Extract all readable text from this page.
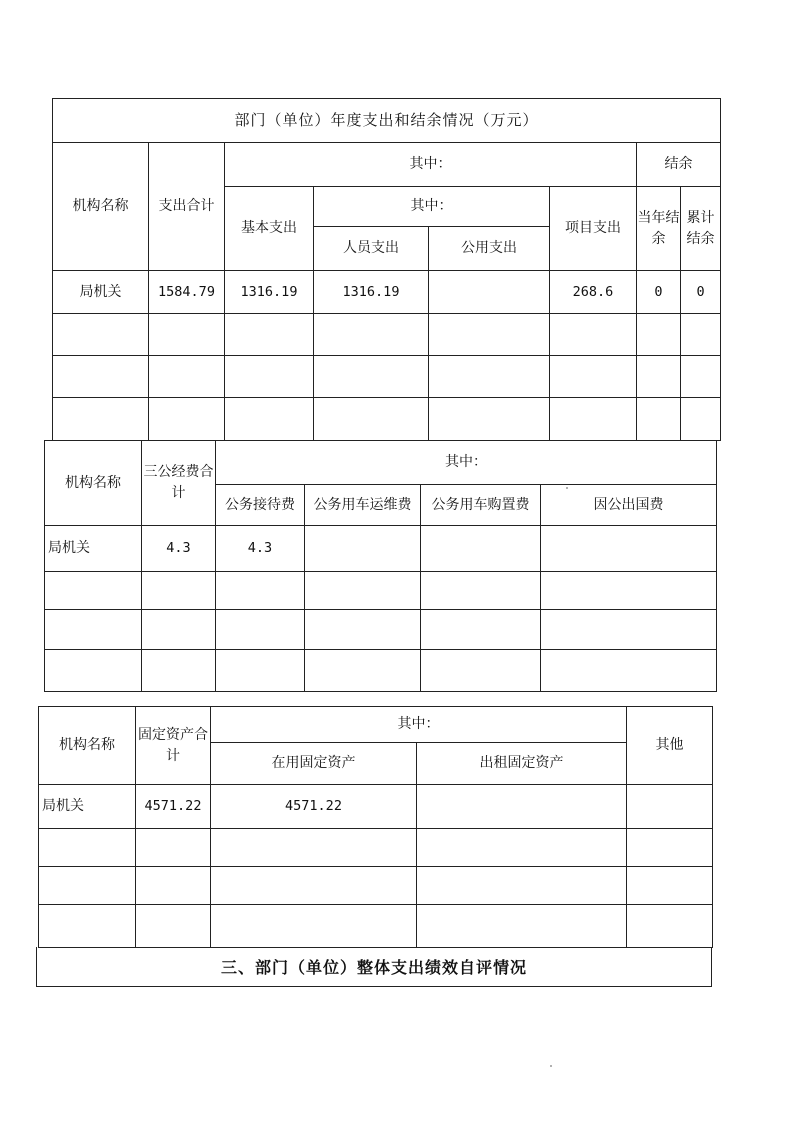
部门（单位）年度支出和结余情况（万元）							
机构名称	支出合计	其中：				结余	
		基本支出	其中：		项目支出	当年结余	累计结余
			人员支出	公用支出			
局机关	1584.79	1316.19	1316.19		268.6	0	0

机构名称	三公经费合计	其中：			
		公务接待费	公务用车运维费	公务用车购置费	因公出国费
局机关	4.3	4.3			

机构名称	固定资产合计	其中：		其他
		在用固定资产	出租固定资产	
局机关	4571.22	4571.22		

三、部门（单位）整体支出绩效自评情况
